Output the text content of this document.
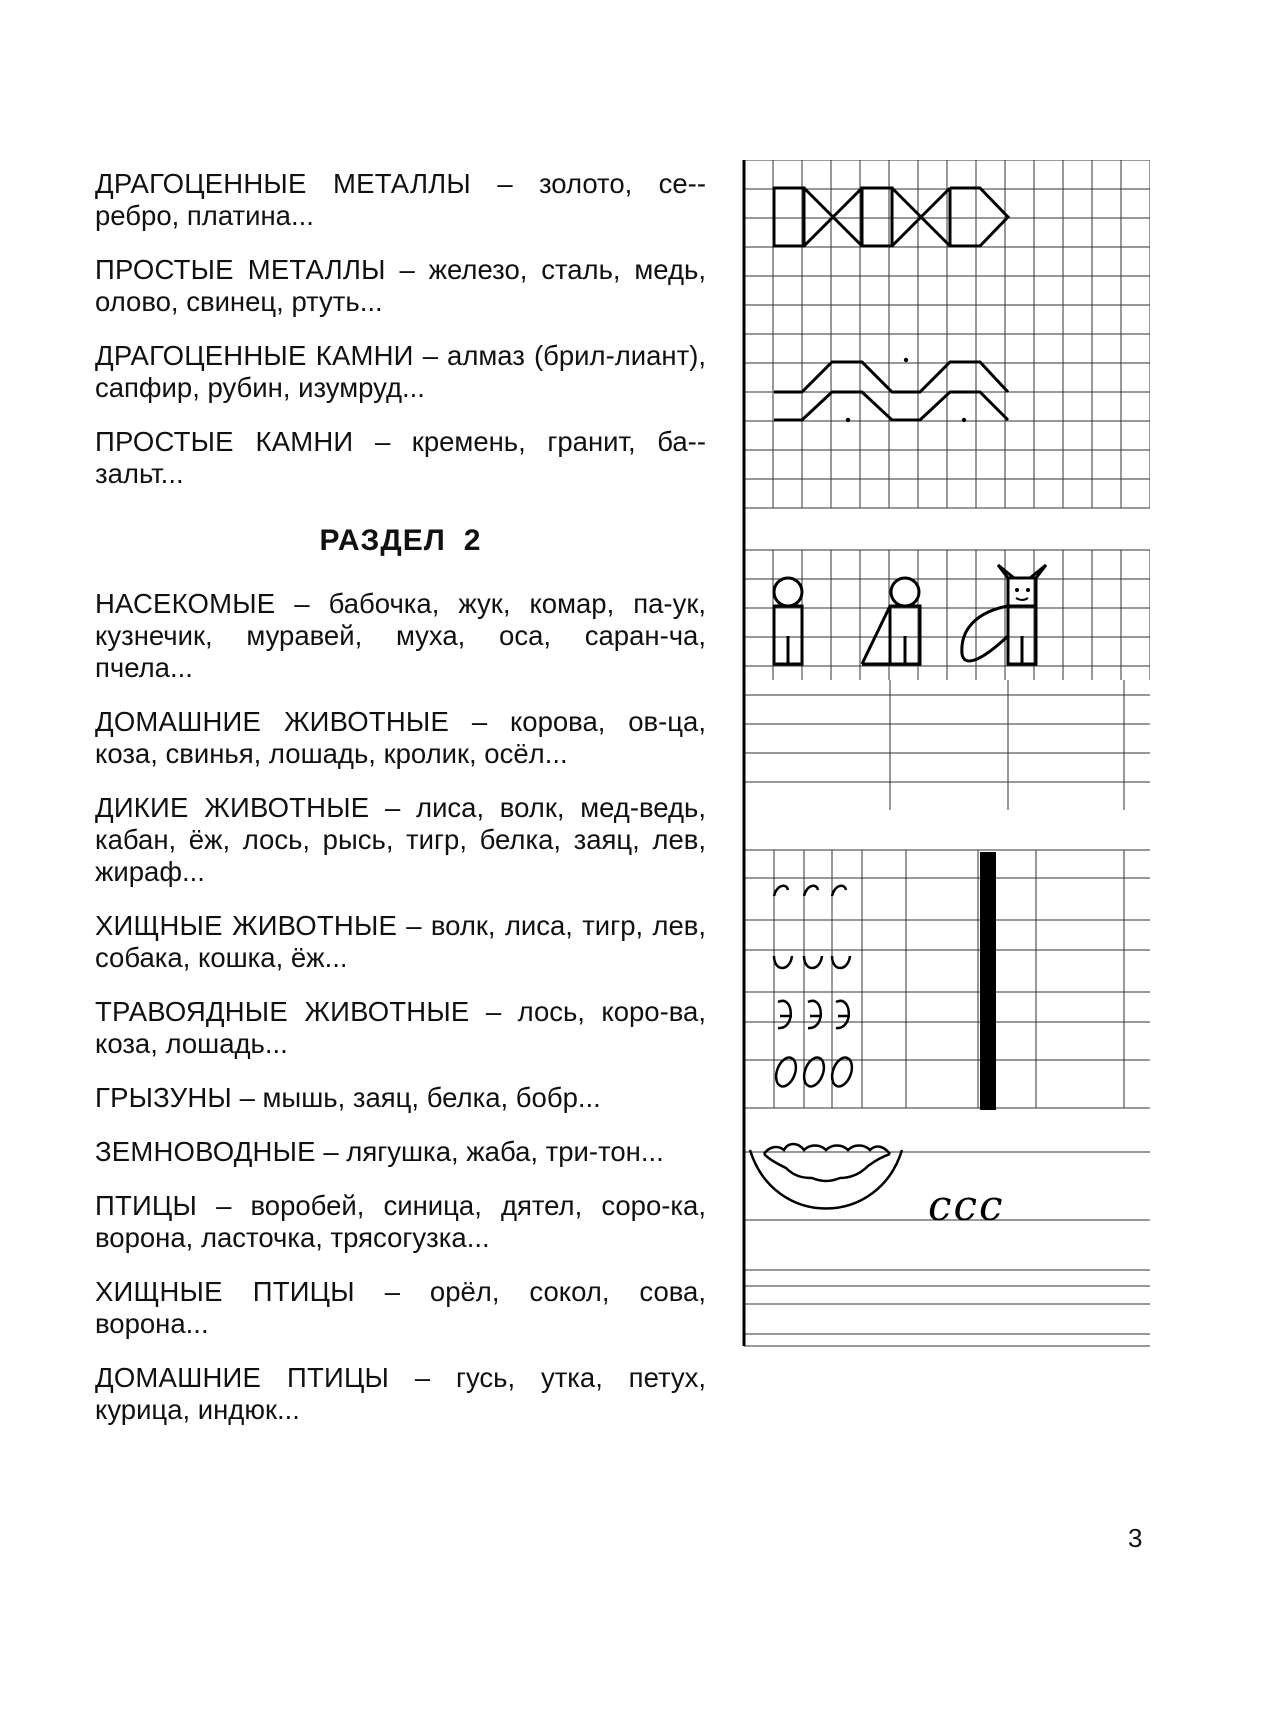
ДРАГОЦЕННЫЕ МЕТАЛЛЫ – золото, се-ребро, платина...

ПРОСТЫЕ МЕТАЛЛЫ – железо, сталь, медь, олово, свинец, ртуть...

ДРАГОЦЕННЫЕ КАМНИ – алмаз (брил-лиант), сапфир, рубин, изумруд...

ПРОСТЫЕ КАМНИ – кремень, гранит, ба-зальт...

РАЗДЕЛ 2

НАСЕКОМЫЕ – бабочка, жук, комар, па-ук, кузнечик, муравей, муха, оса, саран-ча, пчела...

ДОМАШНИЕ ЖИВОТНЫЕ – корова, ов-ца, коза, свинья, лошадь, кролик, осёл...

ДИКИЕ ЖИВОТНЫЕ – лиса, волк, мед-ведь, кабан, ёж, лось, рысь, тигр, белка, заяц, лев, жираф...

ХИЩНЫЕ ЖИВОТНЫЕ – волк, лиса, тигр, лев, собака, кошка, ёж...

ТРАВОЯДНЫЕ ЖИВОТНЫЕ – лось, коро-ва, коза, лошадь...

ГРЫЗУНЫ – мышь, заяц, белка, бобр...

ЗЕМНОВОДНЫЕ – лягушка, жаба, три-тон...

ПТИЦЫ – воробей, синица, дятел, соро-ка, ворона, ласточка, трясогузка...

ХИЩНЫЕ ПТИЦЫ – орёл, сокол, сова, ворона...

ДОМАШНИЕ ПТИЦЫ – гусь, утка, петух, курица, индюк...

ccc
3
